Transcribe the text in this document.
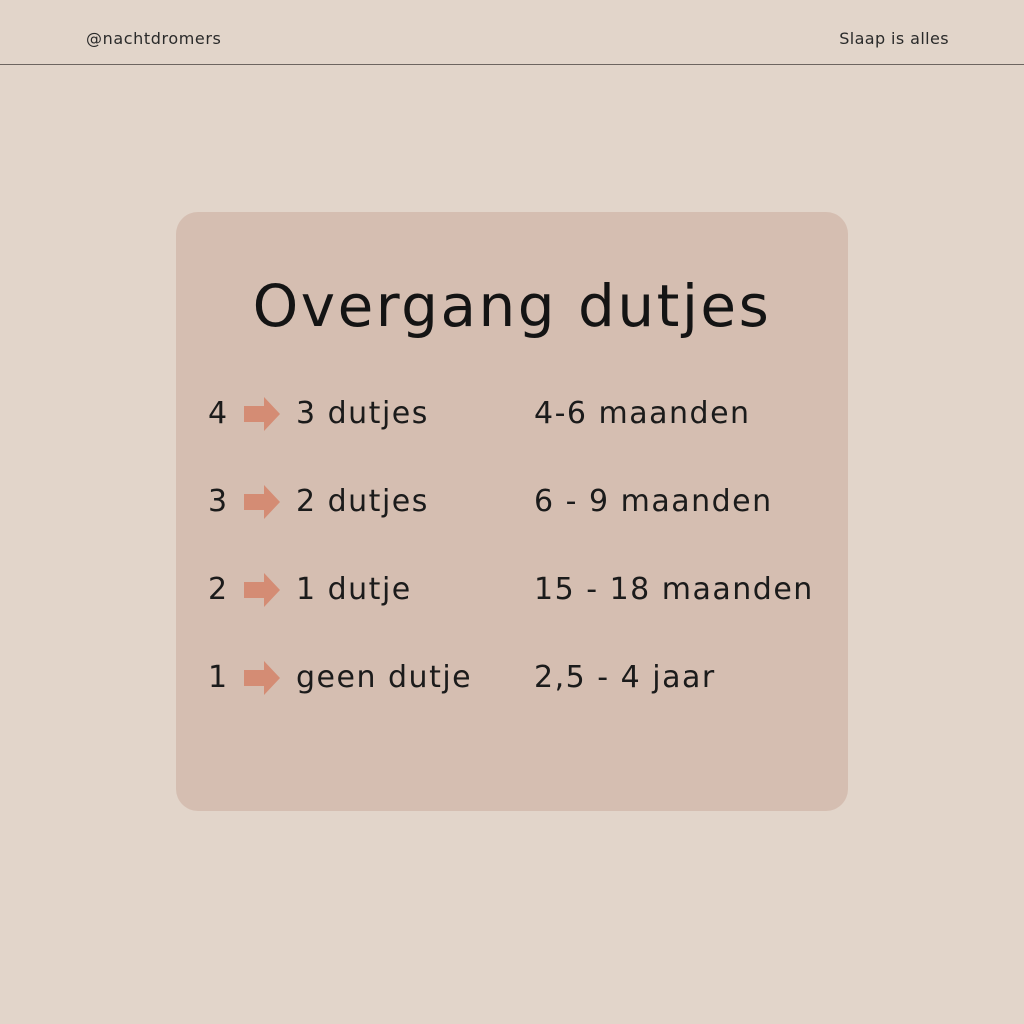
@nachtdromers	Slaap is alles
Overgang dutjes
4 3 dutjes	4-6 maanden
3 2 dutjes	6 - 9 maanden
2 1 dutje	15 - 18 maanden
1 geen dutje 2,5 - 4 jaar
